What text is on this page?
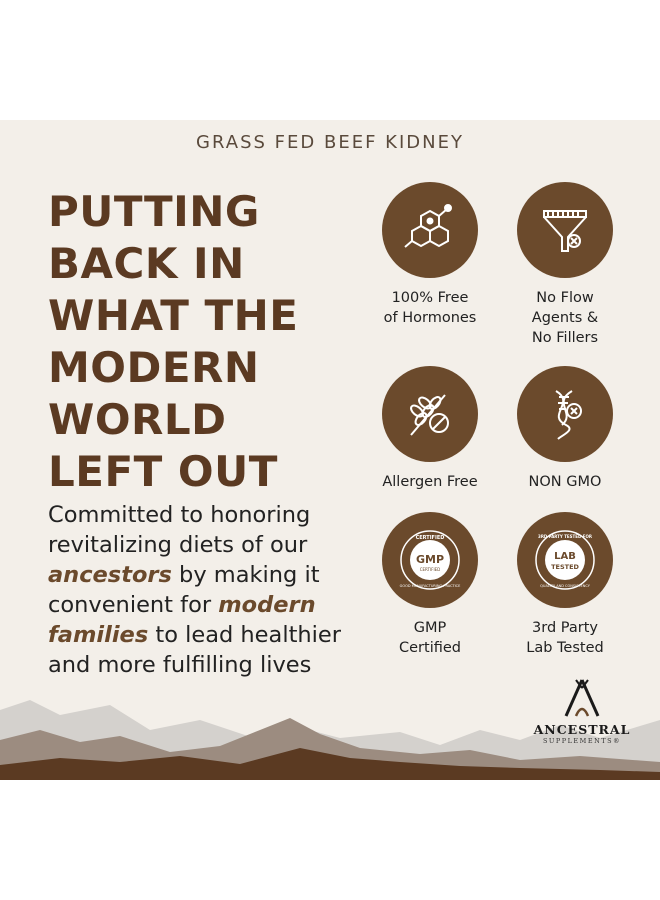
GRASS FED BEEF KIDNEY
PUTTING
BACK IN
WHAT THE
MODERN
WORLD
LEFT OUT

Committed to honoring revitalizing diets of our ancestors by making it convenient for modern families to lead healthier and more fulfilling lives

100% Free
of Hormones
No Flow
Agents &
No Fillers
Allergen Free	NON GMO
GMP
CERTIFIED
CERTIFIED
GOOD MANUFACTURING PRACTICE
GMP
Certified
LAB
TESTED
3RD PARTY TESTED FOR
QUALITY AND CONSISTENCY
3rd Party
Lab Tested
ANCESTRAL
SUPPLEMENTS®
